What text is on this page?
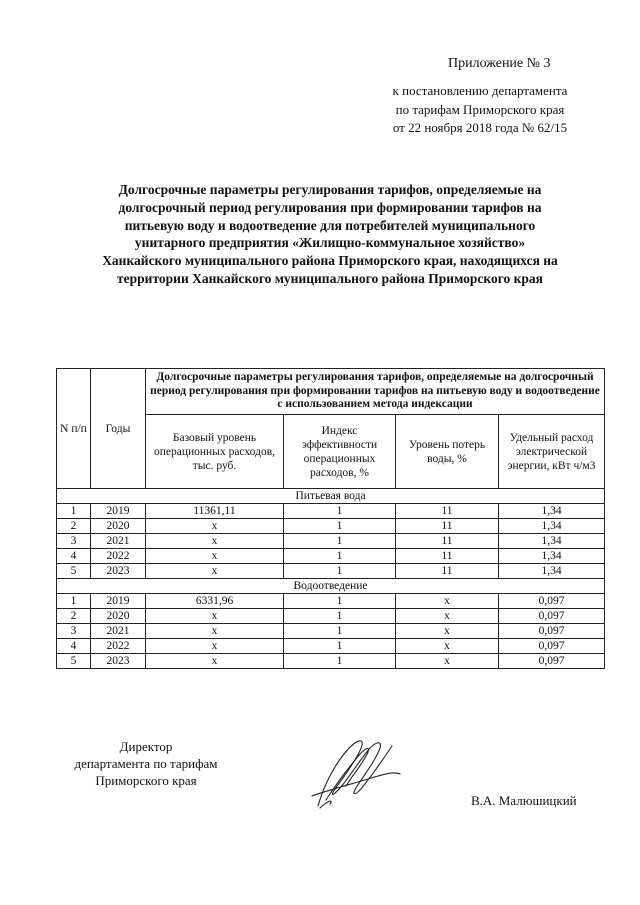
Приложение № 3
к постановлению департамента
по тарифам Приморского края
от 22 ноября 2018 года № 62/15
Долгосрочные параметры регулирования тарифов, определяемые на долгосрочный период регулирования при формировании тарифов на питьевую воду и водоотведение для потребителей муниципального унитарного предприятия «Жилищно-коммунальное хозяйство» Ханкайского муниципального района Приморского края, находящихся на территории Ханкайского муниципального района Приморского края
N п/п	Годы	Долгосрочные параметры регулирования тарифов, определяемые на долгосрочный период регулирования при формировании тарифов на питьевую воду и водоотведение с использованием метода индексации			
		Базовый уровень операционных расходов, тыс. руб.	Индекс эффективности операционных расходов, %	Уровень потерь воды, %	Удельный расход электрической энергии, кВт ч/м3
Питьевая вода					
1	2019	11361,11	1	11	1,34
2	2020	х	1	11	1,34
3	2021	х	1	11	1,34
4	2022	х	1	11	1,34
5	2023	х	1	11	1,34
Водоотведение					
1	2019	6331,96	1	х	0,097
2	2020	х	1	х	0,097
3	2021	х	1	х	0,097
4	2022	х	1	х	0,097
5	2023	х	1	х	0,097
Директор
департамента по тарифам
Приморского края
В.А. Малюшицкий
